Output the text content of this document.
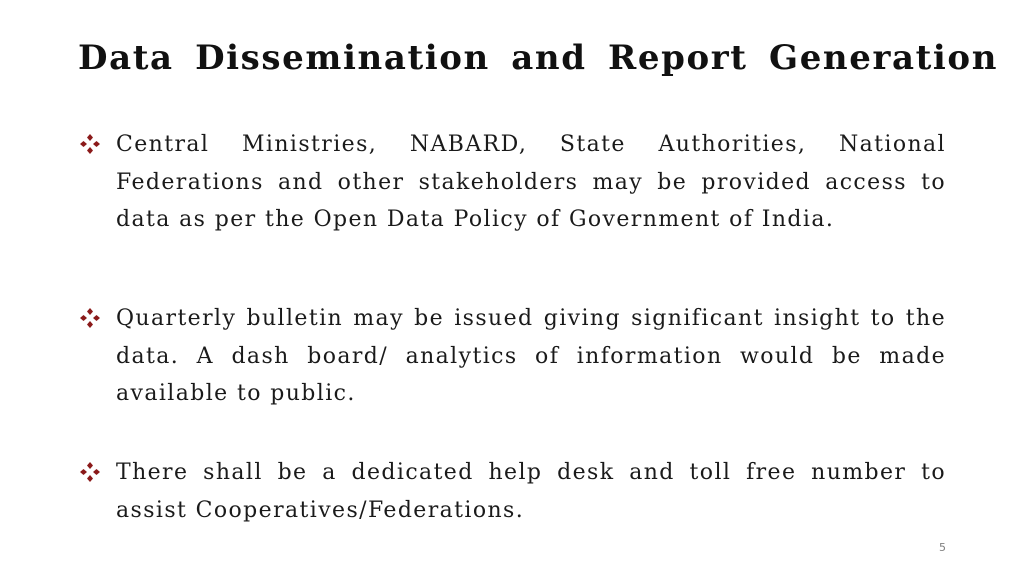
Data Dissemination and Report Generation
Central Ministries, NABARD, State Authorities, National Federations and other stakeholders may be provided access to data as per the Open Data Policy of Government of India.
Quarterly bulletin may be issued giving significant insight to the data. A dash board/ analytics of information would be made available to public.
There shall be a dedicated help desk and toll free number to assist Cooperatives/Federations.
5
